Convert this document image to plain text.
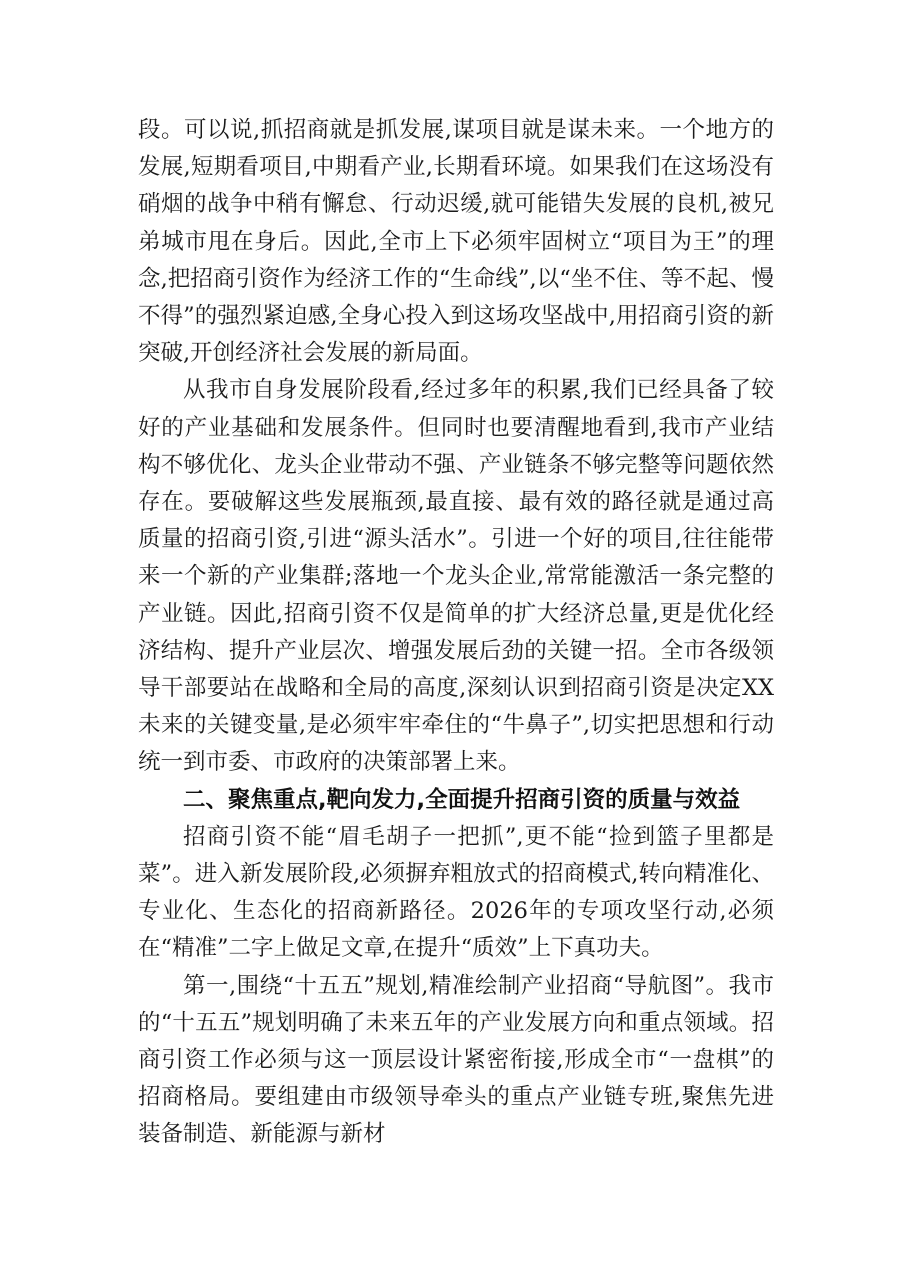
段。可以说,抓招商就是抓发展,谋项目就是谋未来。一个地方的发展,短期看项目,中期看产业,长期看环境。如果我们在这场没有硝烟的战争中稍有懈怠、行动迟缓,就可能错失发展的良机,被兄弟城市甩在身后。因此,全市上下必须牢固树立“项目为王”的理念,把招商引资作为经济工作的“生命线”,以“坐不住、等不起、慢不得”的强烈紧迫感,全身心投入到这场攻坚战中,用招商引资的新突破,开创经济社会发展的新局面。

从我市自身发展阶段看,经过多年的积累,我们已经具备了较好的产业基础和发展条件。但同时也要清醒地看到,我市产业结构不够优化、龙头企业带动不强、产业链条不够完整等问题依然存在。要破解这些发展瓶颈,最直接、最有效的路径就是通过高质量的招商引资,引进“源头活水”。引进一个好的项目,往往能带来一个新的产业集群;落地一个龙头企业,常常能激活一条完整的产业链。因此,招商引资不仅是简单的扩大经济总量,更是优化经济结构、提升产业层次、增强发展后劲的关键一招。全市各级领导干部要站在战略和全局的高度,深刻认识到招商引资是决定XX未来的关键变量,是必须牢牢牵住的“牛鼻子”,切实把思想和行动统一到市委、市政府的决策部署上来。

二、聚焦重点,靶向发力,全面提升招商引资的质量与效益

招商引资不能“眉毛胡子一把抓”,更不能“捡到篮子里都是菜”。进入新发展阶段,必须摒弃粗放式的招商模式,转向精准化、专业化、生态化的招商新路径。2026年的专项攻坚行动,必须在“精准”二字上做足文章,在提升“质效”上下真功夫。

第一,围绕“十五五”规划,精准绘制产业招商“导航图”。我市的“十五五”规划明确了未来五年的产业发展方向和重点领域。招商引资工作必须与这一顶层设计紧密衔接,形成全市“一盘棋”的招商格局。要组建由市级领导牵头的重点产业链专班,聚焦先进装备制造、新能源与新材
